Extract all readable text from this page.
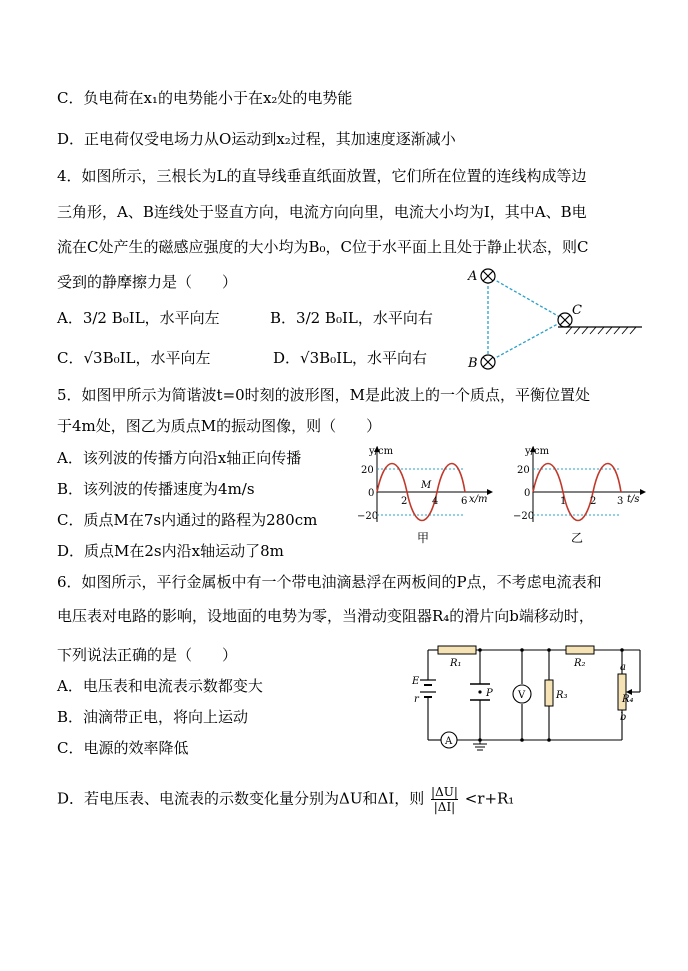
C．负电荷在x₁的电势能小于在x₂处的电势能
D．正电荷仅受电场力从O运动到x₂过程，其加速度逐渐减小
4．如图所示，三根长为L的直导线垂直纸面放置，它们所在位置的连线构成等边
三角形，A、B连线处于竖直方向，电流方向向里，电流大小均为I，其中A、B电
流在C处产生的磁感应强度的大小均为B₀，C位于水平面上且处于静止状态，则C
受到的静摩擦力是（　　）
A．3/2 B₀IL，水平向左	B．3/2 B₀IL，水平向右
C．√3B₀IL，水平向左	D．√3B₀IL，水平向右
A
B
C
5．如图甲所示为简谐波t=0时刻的波形图，M是此波上的一个质点，平衡位置处
于4m处，图乙为质点M的振动图像，则（　　）
A．该列波的传播方向沿x轴正向传播
B．该列波的传播速度为4m/s
C．质点M在7s内通过的路程为280cm
D．质点M在2s内沿x轴运动了8m
y/cm
20
0
−20
2 4 6 x/m
M
甲
y/cm
20
0
−20
1 2 3 t/s
乙
6．如图所示，平行金属板中有一个带电油滴悬浮在两板间的P点，不考虑电流表和
电压表对电路的影响，设地面的电势为零，当滑动变阻器R₄的滑片向b端移动时，
下列说法正确的是（　　）
A．电压表和电流表示数都变大
B．油滴带正电，将向上运动
C．电源的效率降低
D．若电压表、电流表的示数变化量分别为ΔU和ΔI，则 $\frac{|\Delta U|}{|\Delta I|} <r+R_1$
R₁	R₂
R₃	R₄
E
r
P	V
A
a
b
